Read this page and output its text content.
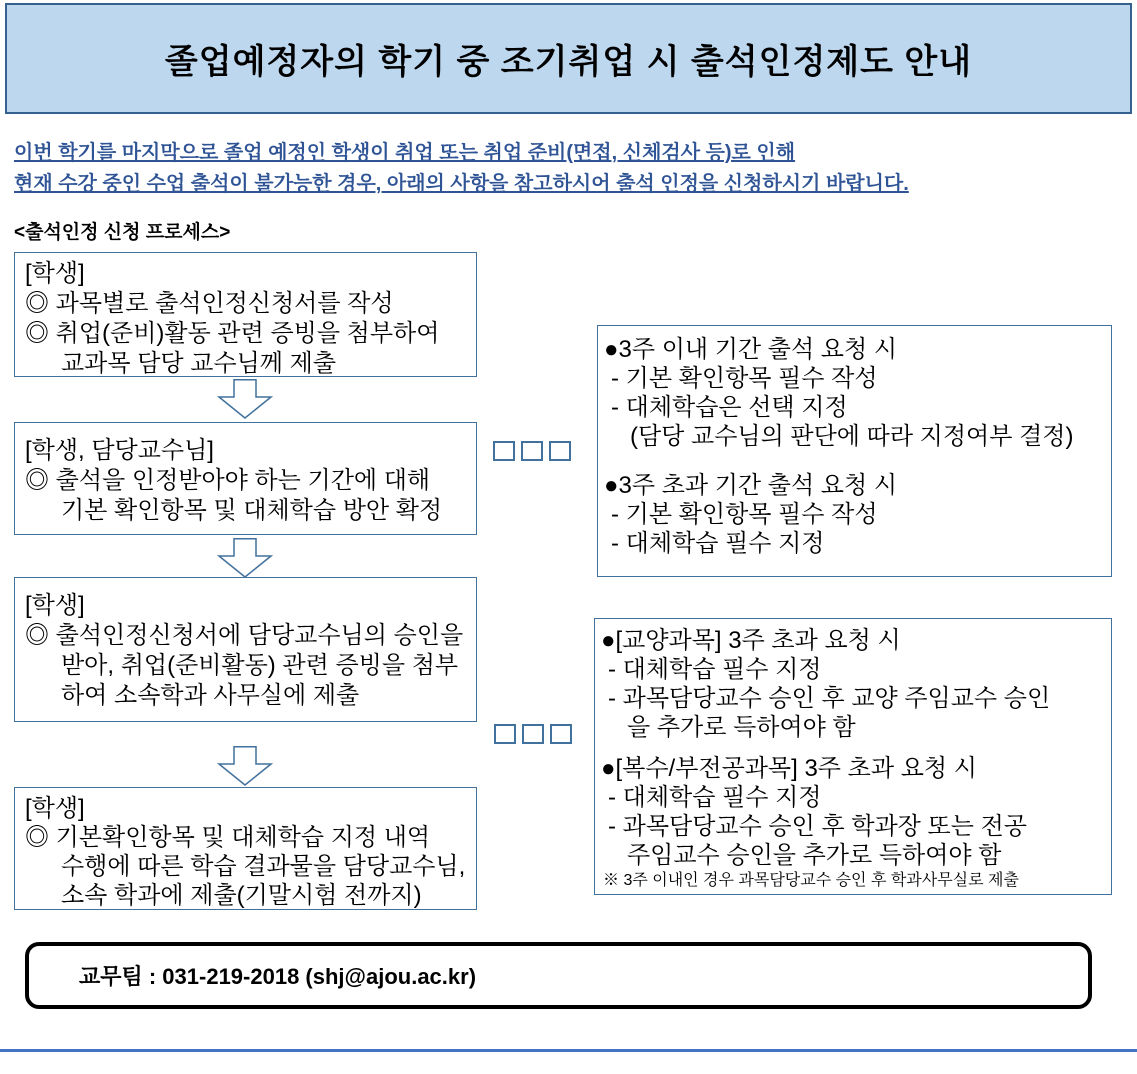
졸업예정자의 학기 중 조기취업 시 출석인정제도 안내
이번 학기를 마지막으로 졸업 예정인 학생이 취업 또는 취업 준비(면접, 신체검사 등)로 인해
현재 수강 중인 수업 출석이 불가능한 경우, 아래의 사항을 참고하시어 출석 인정을 신청하시기 바랍니다.
<출석인정 신청 프로세스>
[학생]
◎ 과목별로 출석인정신청서를 작성
◎ 취업(준비)활동 관련 증빙을 첨부하여
교과목 담당 교수님께 제출
[학생, 담당교수님]
◎ 출석을 인정받아야 하는 기간에 대해
기본 확인항목 및 대체학습 방안 확정
[학생]
◎ 출석인정신청서에 담당교수님의 승인을
받아, 취업(준비활동) 관련 증빙을 첨부
하여 소속학과 사무실에 제출
[학생]
◎ 기본확인항목 및 대체학습 지정 내역
수행에 따른 학습 결과물을 담당교수님,
소속 학과에 제출(기말시험 전까지)
●3주 이내 기간 출석 요청 시
- 기본 확인항목 필수 작성
- 대체학습은 선택 지정
(담당 교수님의 판단에 따라 지정여부 결정)
●3주 초과 기간 출석 요청 시
- 기본 확인항목 필수 작성
- 대체학습 필수 지정
●[교양과목] 3주 초과 요청 시
- 대체학습 필수 지정
- 과목담당교수 승인 후 교양 주임교수 승인
을 추가로 득하여야 함
●[복수/부전공과목] 3주 초과 요청 시
- 대체학습 필수 지정
- 과목담당교수 승인 후 학과장 또는 전공
주임교수 승인을 추가로 득하여야 함
※ 3주 이내인 경우 과목담당교수 승인 후 학과사무실로 제출
교무팀 : 031-219-2018 (shj@ajou.ac.kr)
